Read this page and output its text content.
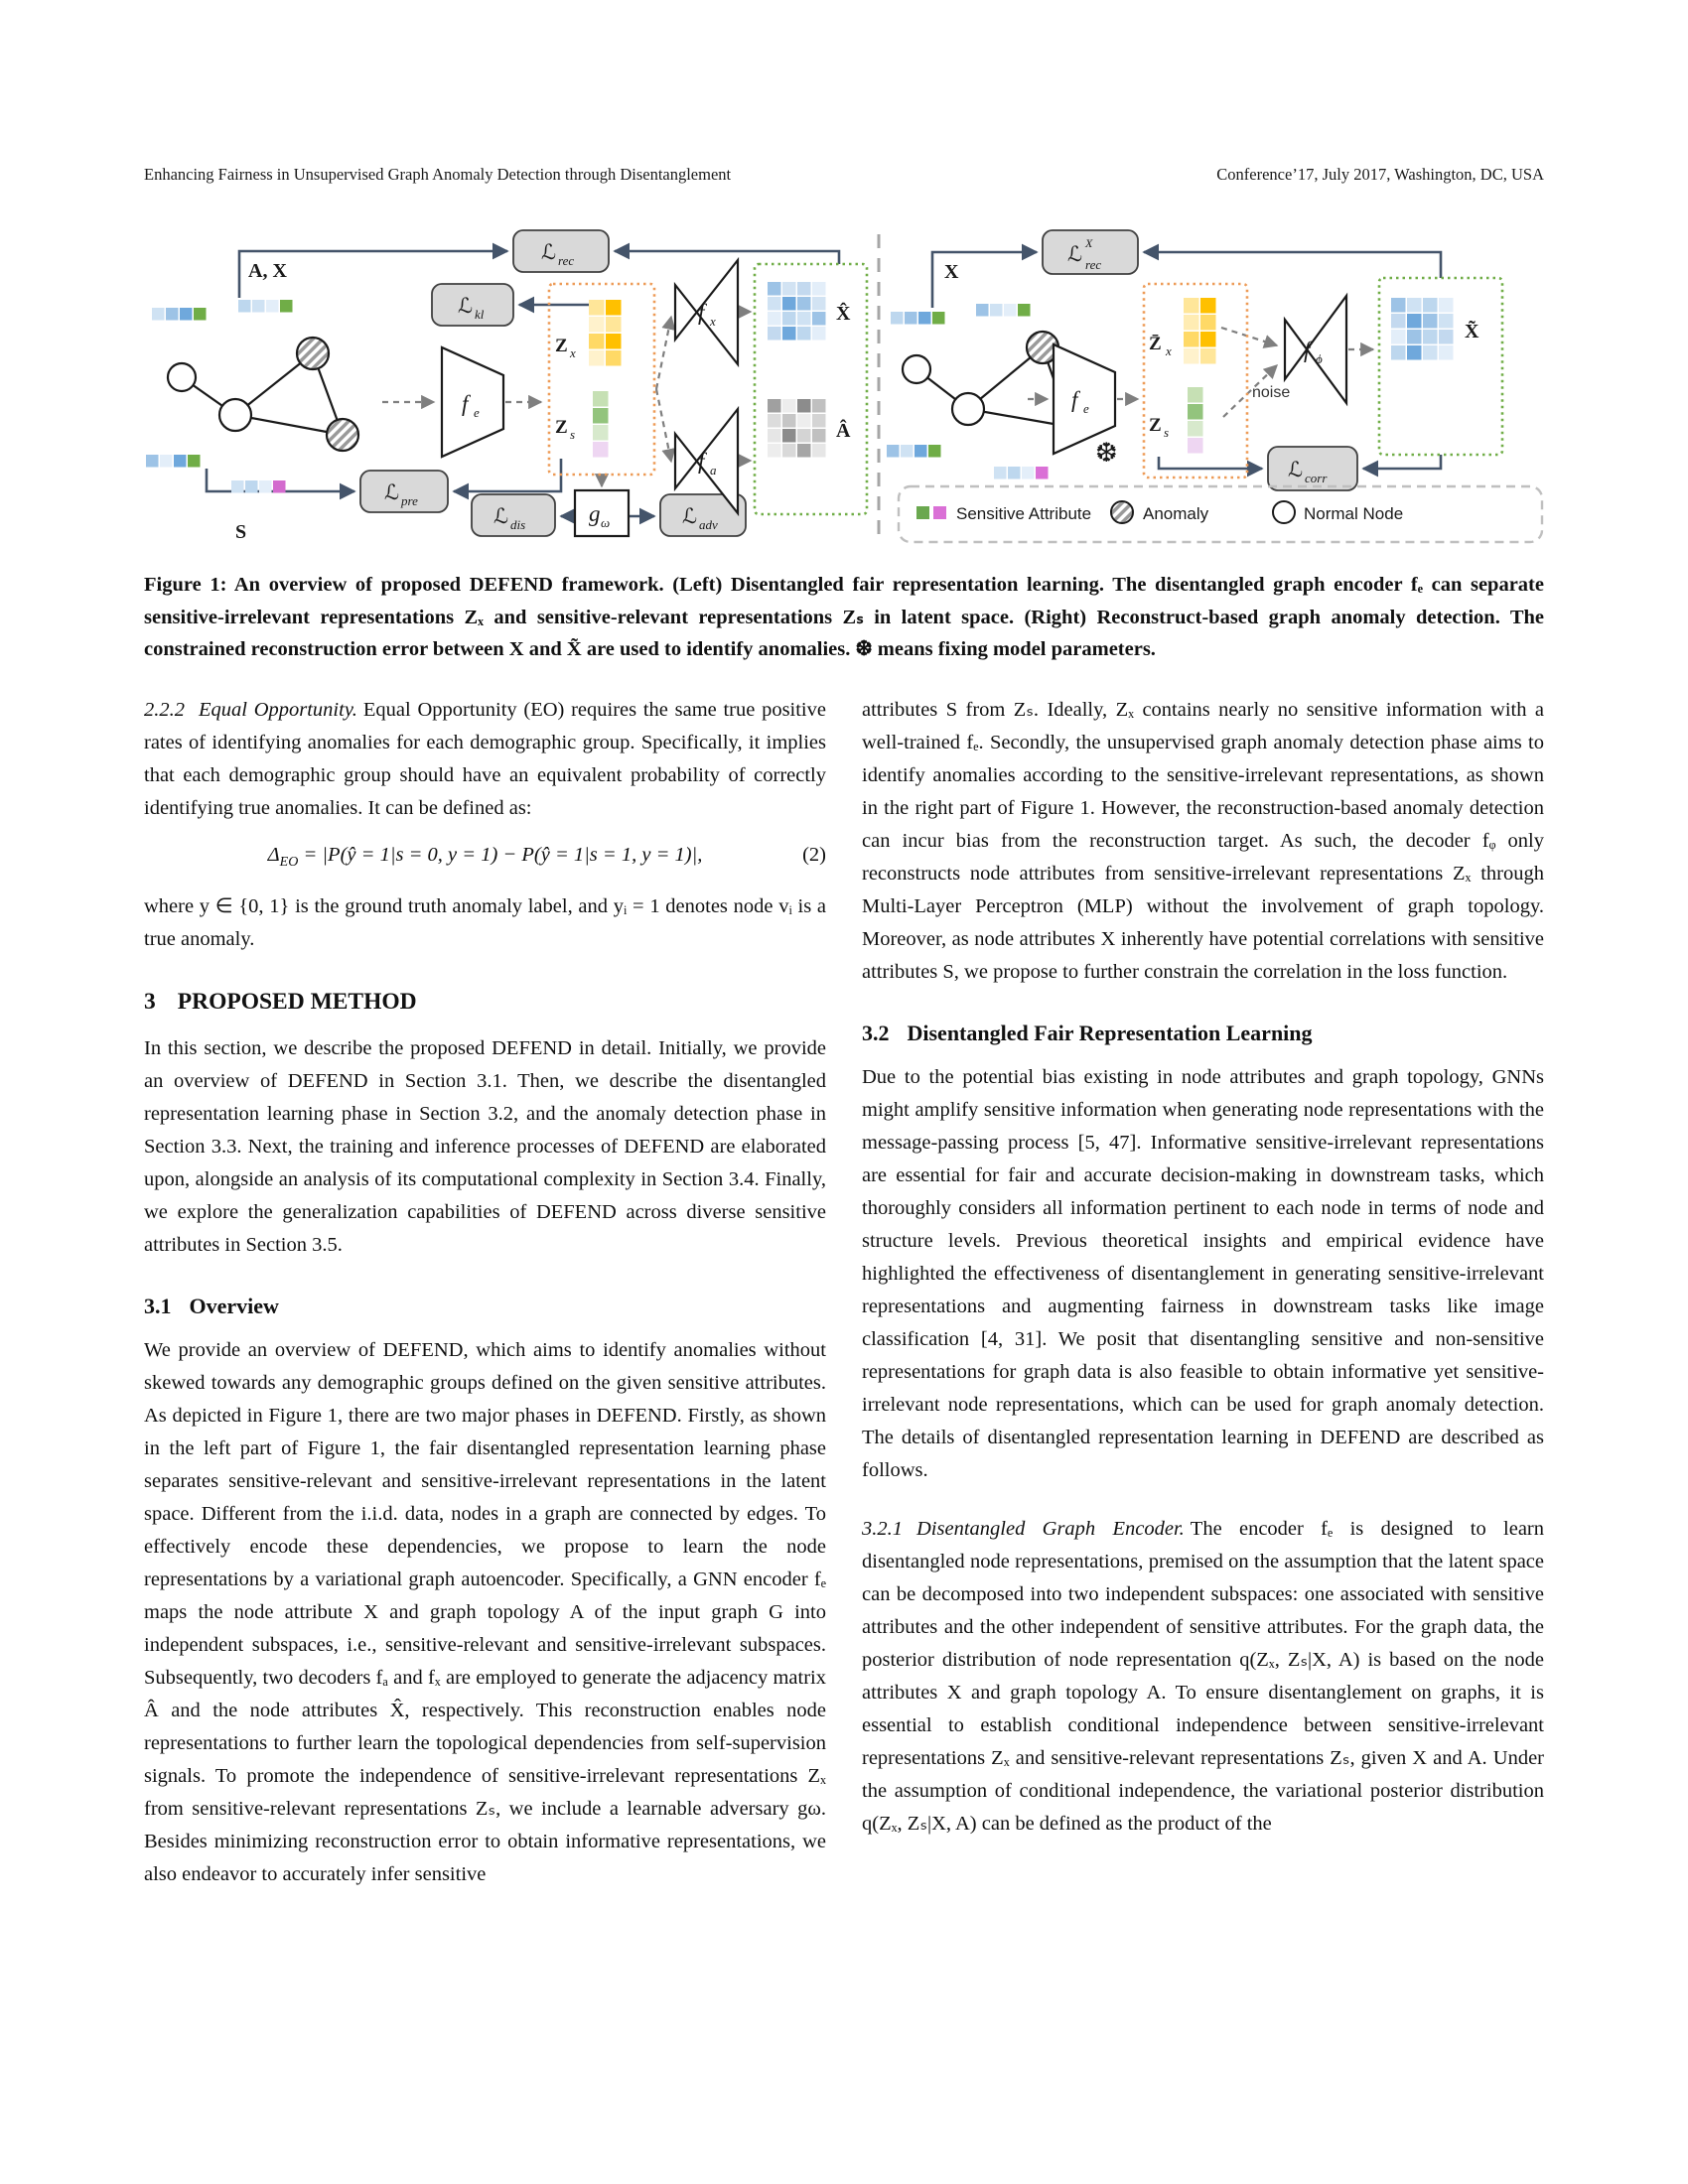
Enhancing Fairness in Unsupervised Graph Anomaly Detection through Disentanglement	Conference’17, July 2017, Washington, DC, USA
A, X
S
ℒ rec
ℒ kl
ℒ pre
ℒ dis	g ω	ℒ adv
f e
f x
f a
Z x
Z s
X̂
Â
X
ℒ X
rec
f e
❆
Z̄ x
Z s
f ϕ
noise
X̃
ℒ corr
Sensitive Attribute	Anomaly	Normal Node
Figure 1: An overview of proposed DEFEND framework. (Left) Disentangled fair representation learning. The disentangled graph encoder fₑ can separate sensitive-irrelevant representations Zₓ and sensitive-relevant representations Zₛ in latent space. (Right) Reconstruct-based graph anomaly detection. The constrained reconstruction error between X and X̃ are used to identify anomalies. ❆ means fixing model parameters.

2.2.2 Equal Opportunity. Equal Opportunity (EO) requires the same true positive rates of identifying anomalies for each demographic group. Specifically, it implies that each demographic group should have an equivalent probability of correctly identifying true anomalies. It can be defined as:

$\Delta_{EO}$ = |P(ŷ = 1|s = 0, y = 1) − P(ŷ = 1|s = 1, y = 1)|,	(2)

where y ∈ {0, 1} is the ground truth anomaly label, and yᵢ = 1 denotes node vᵢ is a true anomaly.

3 PROPOSED METHOD

In this section, we describe the proposed DEFEND in detail. Initially, we provide an overview of DEFEND in Section 3.1. Then, we describe the disentangled representation learning phase in Section 3.2, and the anomaly detection phase in Section 3.3. Next, the training and inference processes of DEFEND are elaborated upon, alongside an analysis of its computational complexity in Section 3.4. Finally, we explore the generalization capabilities of DEFEND across diverse sensitive attributes in Section 3.5.

3.1 Overview

We provide an overview of DEFEND, which aims to identify anomalies without skewed towards any demographic groups defined on the given sensitive attributes. As depicted in Figure 1, there are two major phases in DEFEND. Firstly, as shown in the left part of Figure 1, the fair disentangled representation learning phase separates sensitive-relevant and sensitive-irrelevant representations in the latent space. Different from the i.i.d. data, nodes in a graph are connected by edges. To effectively encode these dependencies, we propose to learn the node representations by a variational graph autoencoder. Specifically, a GNN encoder fₑ maps the node attribute X and graph topology A of the input graph G into independent subspaces, i.e., sensitive-relevant and sensitive-irrelevant subspaces. Subsequently, two decoders fₐ and fₓ are employed to generate the adjacency matrix Â and the node attributes X̂, respectively. This reconstruction enables node representations to further learn the topological dependencies from self-supervision signals. To promote the independence of sensitive-irrelevant representations Zₓ from sensitive-relevant representations Zₛ, we include a learnable adversary gω. Besides minimizing reconstruction error to obtain informative representations, we also endeavor to accurately infer sensitive

attributes S from Zₛ. Ideally, Zₓ contains nearly no sensitive information with a well-trained fₑ. Secondly, the unsupervised graph anomaly detection phase aims to identify anomalies according to the sensitive-irrelevant representations, as shown in the right part of Figure 1. However, the reconstruction-based anomaly detection can incur bias from the reconstruction target. As such, the decoder fᵩ only reconstructs node attributes from sensitive-irrelevant representations Zₓ through Multi-Layer Perceptron (MLP) without the involvement of graph topology. Moreover, as node attributes X inherently have potential correlations with sensitive attributes S, we propose to further constrain the correlation in the loss function.

3.2 Disentangled Fair Representation Learning

Due to the potential bias existing in node attributes and graph topology, GNNs might amplify sensitive information when generating node representations with the message-passing process [5, 47]. Informative sensitive-irrelevant representations are essential for fair and accurate decision-making in downstream tasks, which thoroughly considers all information pertinent to each node in terms of node and structure levels. Previous theoretical insights and empirical evidence have highlighted the effectiveness of disentanglement in generating sensitive-irrelevant representations and augmenting fairness in downstream tasks like image classification [4, 31]. We posit that disentangling sensitive and non-sensitive representations for graph data is also feasible to obtain informative yet sensitive-irrelevant node representations, which can be used for graph anomaly detection. The details of disentangled representation learning in DEFEND are described as follows.

3.2.1 Disentangled Graph Encoder. The encoder fₑ is designed to learn disentangled node representations, premised on the assumption that the latent space can be decomposed into two independent subspaces: one associated with sensitive attributes and the other independent of sensitive attributes. For the graph data, the posterior distribution of node representation q(Zₓ, Zₛ|X, A) is based on the node attributes X and graph topology A. To ensure disentanglement on graphs, it is essential to establish conditional independence between sensitive-irrelevant representations Zₓ and sensitive-relevant representations Zₛ, given X and A. Under the assumption of conditional independence, the variational posterior distribution q(Zₓ, Zₛ|X, A) can be defined as the product of the
